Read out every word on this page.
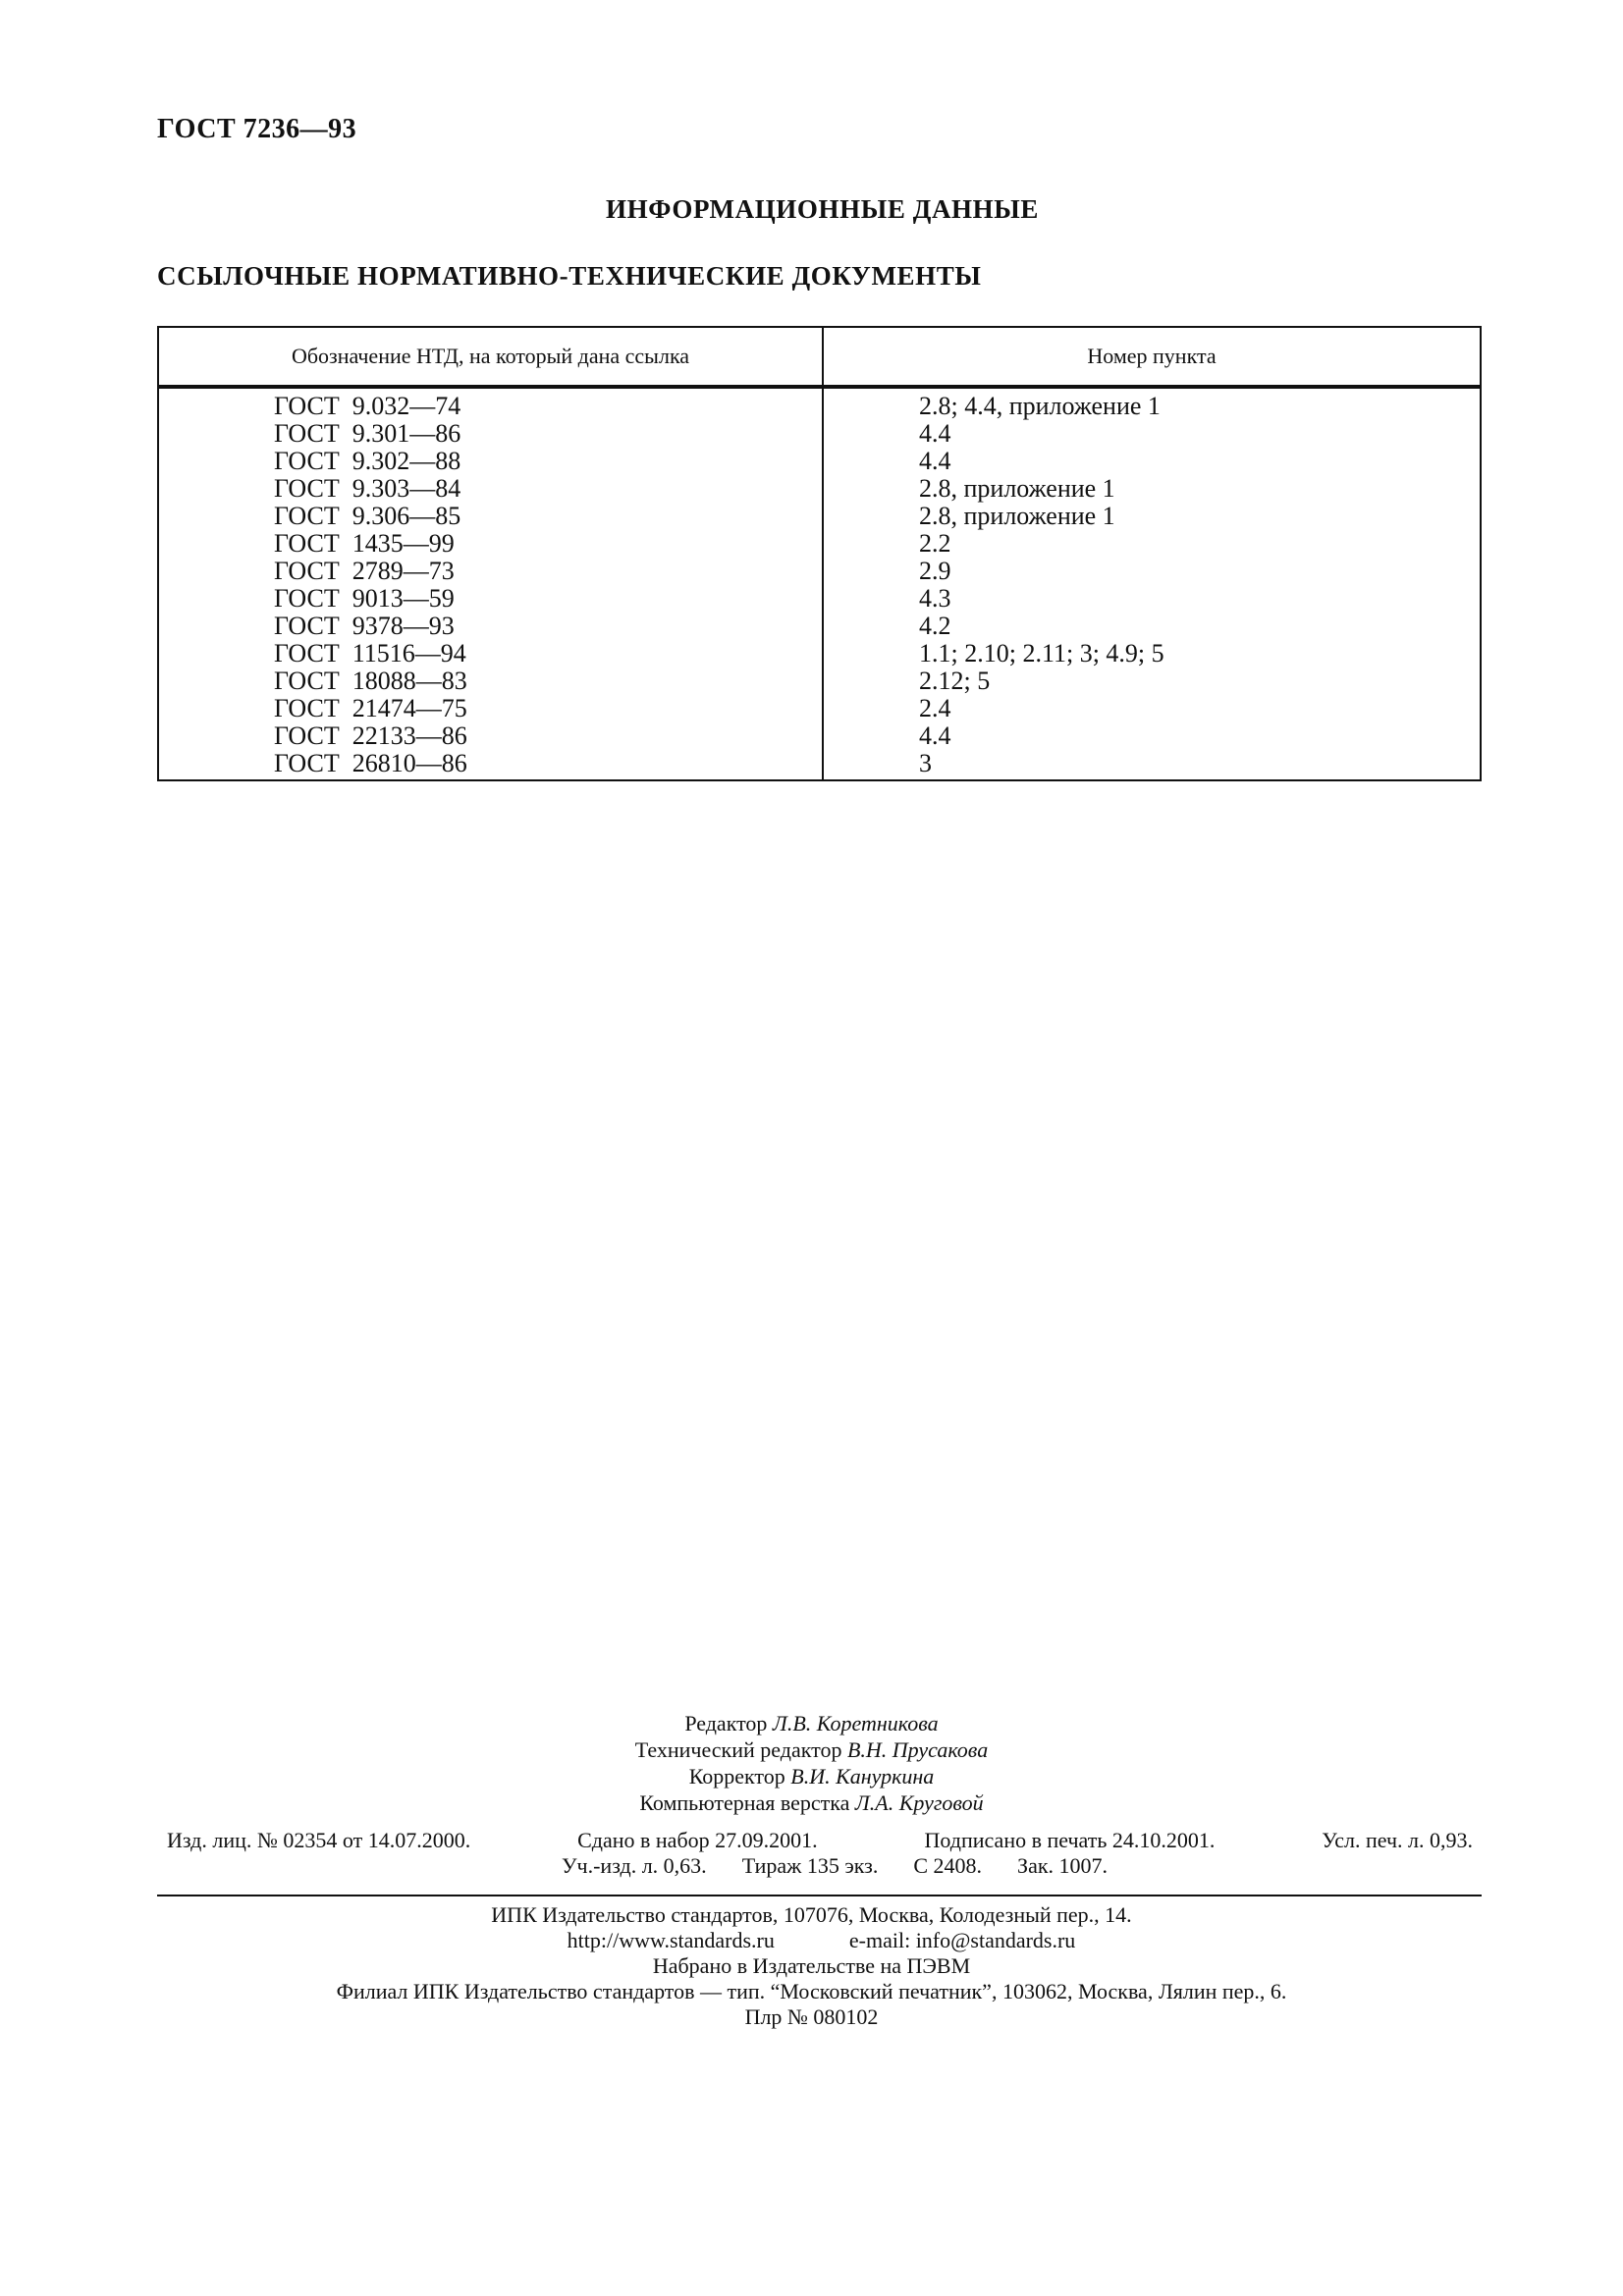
ГОСТ 7236—93
ИНФОРМАЦИОННЫЕ ДАННЫЕ
ССЫЛОЧНЫЕ НОРМАТИВНО-ТЕХНИЧЕСКИЕ ДОКУМЕНТЫ
Обозначение НТД, на который дана ссылка	Номер пункта
ГОСТ  9.032—74	2.8; 4.4, приложение 1
ГОСТ  9.301—86	4.4
ГОСТ  9.302—88	4.4
ГОСТ  9.303—84	2.8, приложение 1
ГОСТ  9.306—85	2.8, приложение 1
ГОСТ  1435—99	2.2
ГОСТ  2789—73	2.9
ГОСТ  9013—59	4.3
ГОСТ  9378—93	4.2
ГОСТ  11516—94	1.1; 2.10; 2.11; 3; 4.9; 5
ГОСТ  18088—83	2.12; 5
ГОСТ  21474—75	2.4
ГОСТ  22133—86	4.4
ГОСТ  26810—86	3
Редактор Л.В. Коретникова
Технический редактор В.Н. Прусакова
Корректор В.И. Кануркина
Компьютерная верстка Л.А. Круговой
Изд. лиц. № 02354 от 14.07.2000.	Сдано в набор 27.09.2001.	Подписано в печать 24.10.2001.	Усл. печ. л. 0,93.
Уч.-изд. л. 0,63. Тираж 135 экз. С 2408. Зак. 1007.
ИПК Издательство стандартов, 107076, Москва, Колодезный пер., 14.
http://www.standards.ru	e-mail: info@standards.ru
Набрано в Издательстве на ПЭВМ
Филиал ИПК Издательство стандартов — тип. “Московский печатник”, 103062, Москва, Лялин пер., 6.
Плр № 080102
